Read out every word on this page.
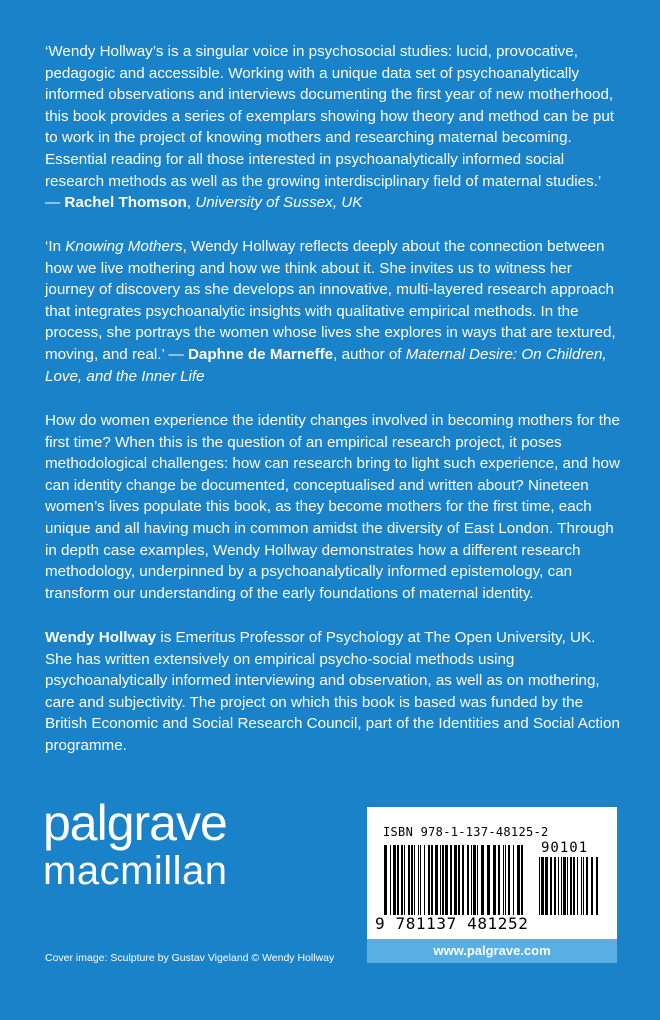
‘Wendy Hollway’s is a singular voice in psychosocial studies: lucid, provocative, pedagogic and accessible. Working with a unique data set of psychoanalytically informed observations and interviews documenting the first year of new motherhood, this book provides a series of exemplars showing how theory and method can be put to work in the project of knowing mothers and researching maternal becoming. Essential reading for all those interested in psychoanalytically informed social research methods as well as the growing interdisciplinary field of maternal studies.’
— Rachel Thomson, University of Sussex, UK

‘In Knowing Mothers, Wendy Hollway reflects deeply about the connection between how we live mothering and how we think about it. She invites us to witness her journey of discovery as she develops an innovative, multi-layered research approach that integrates psychoanalytic insights with qualitative empirical methods. In the process, she portrays the women whose lives she explores in ways that are textured, moving, and real.’ — Daphne de Marneffe, author of Maternal Desire: On Children, Love, and the Inner Life

How do women experience the identity changes involved in becoming mothers for the first time? When this is the question of an empirical research project, it poses methodological challenges: how can research bring to light such experience, and how can identity change be documented, conceptualised and written about? Nineteen women’s lives populate this book, as they become mothers for the first time, each unique and all having much in common amidst the diversity of East London. Through in depth case examples, Wendy Hollway demonstrates how a different research methodology, underpinned by a psychoanalytically informed epistemology, can transform our understanding of the early foundations of maternal identity.

Wendy Hollway is Emeritus Professor of Psychology at The Open University, UK. She has written extensively on empirical psycho-social methods using psychoanalytically informed interviewing and observation, as well as on mothering, care and subjectivity. The project on which this book is based was funded by the British Economic and Social Research Council, part of the Identities and Social Action programme.

palgrave
macmillan
Cover image: Sculpture by Gustav Vigeland © Wendy Hollway
ISBN 978-1-137-48125-2
90101
9 781137 481252
www.palgrave.com
